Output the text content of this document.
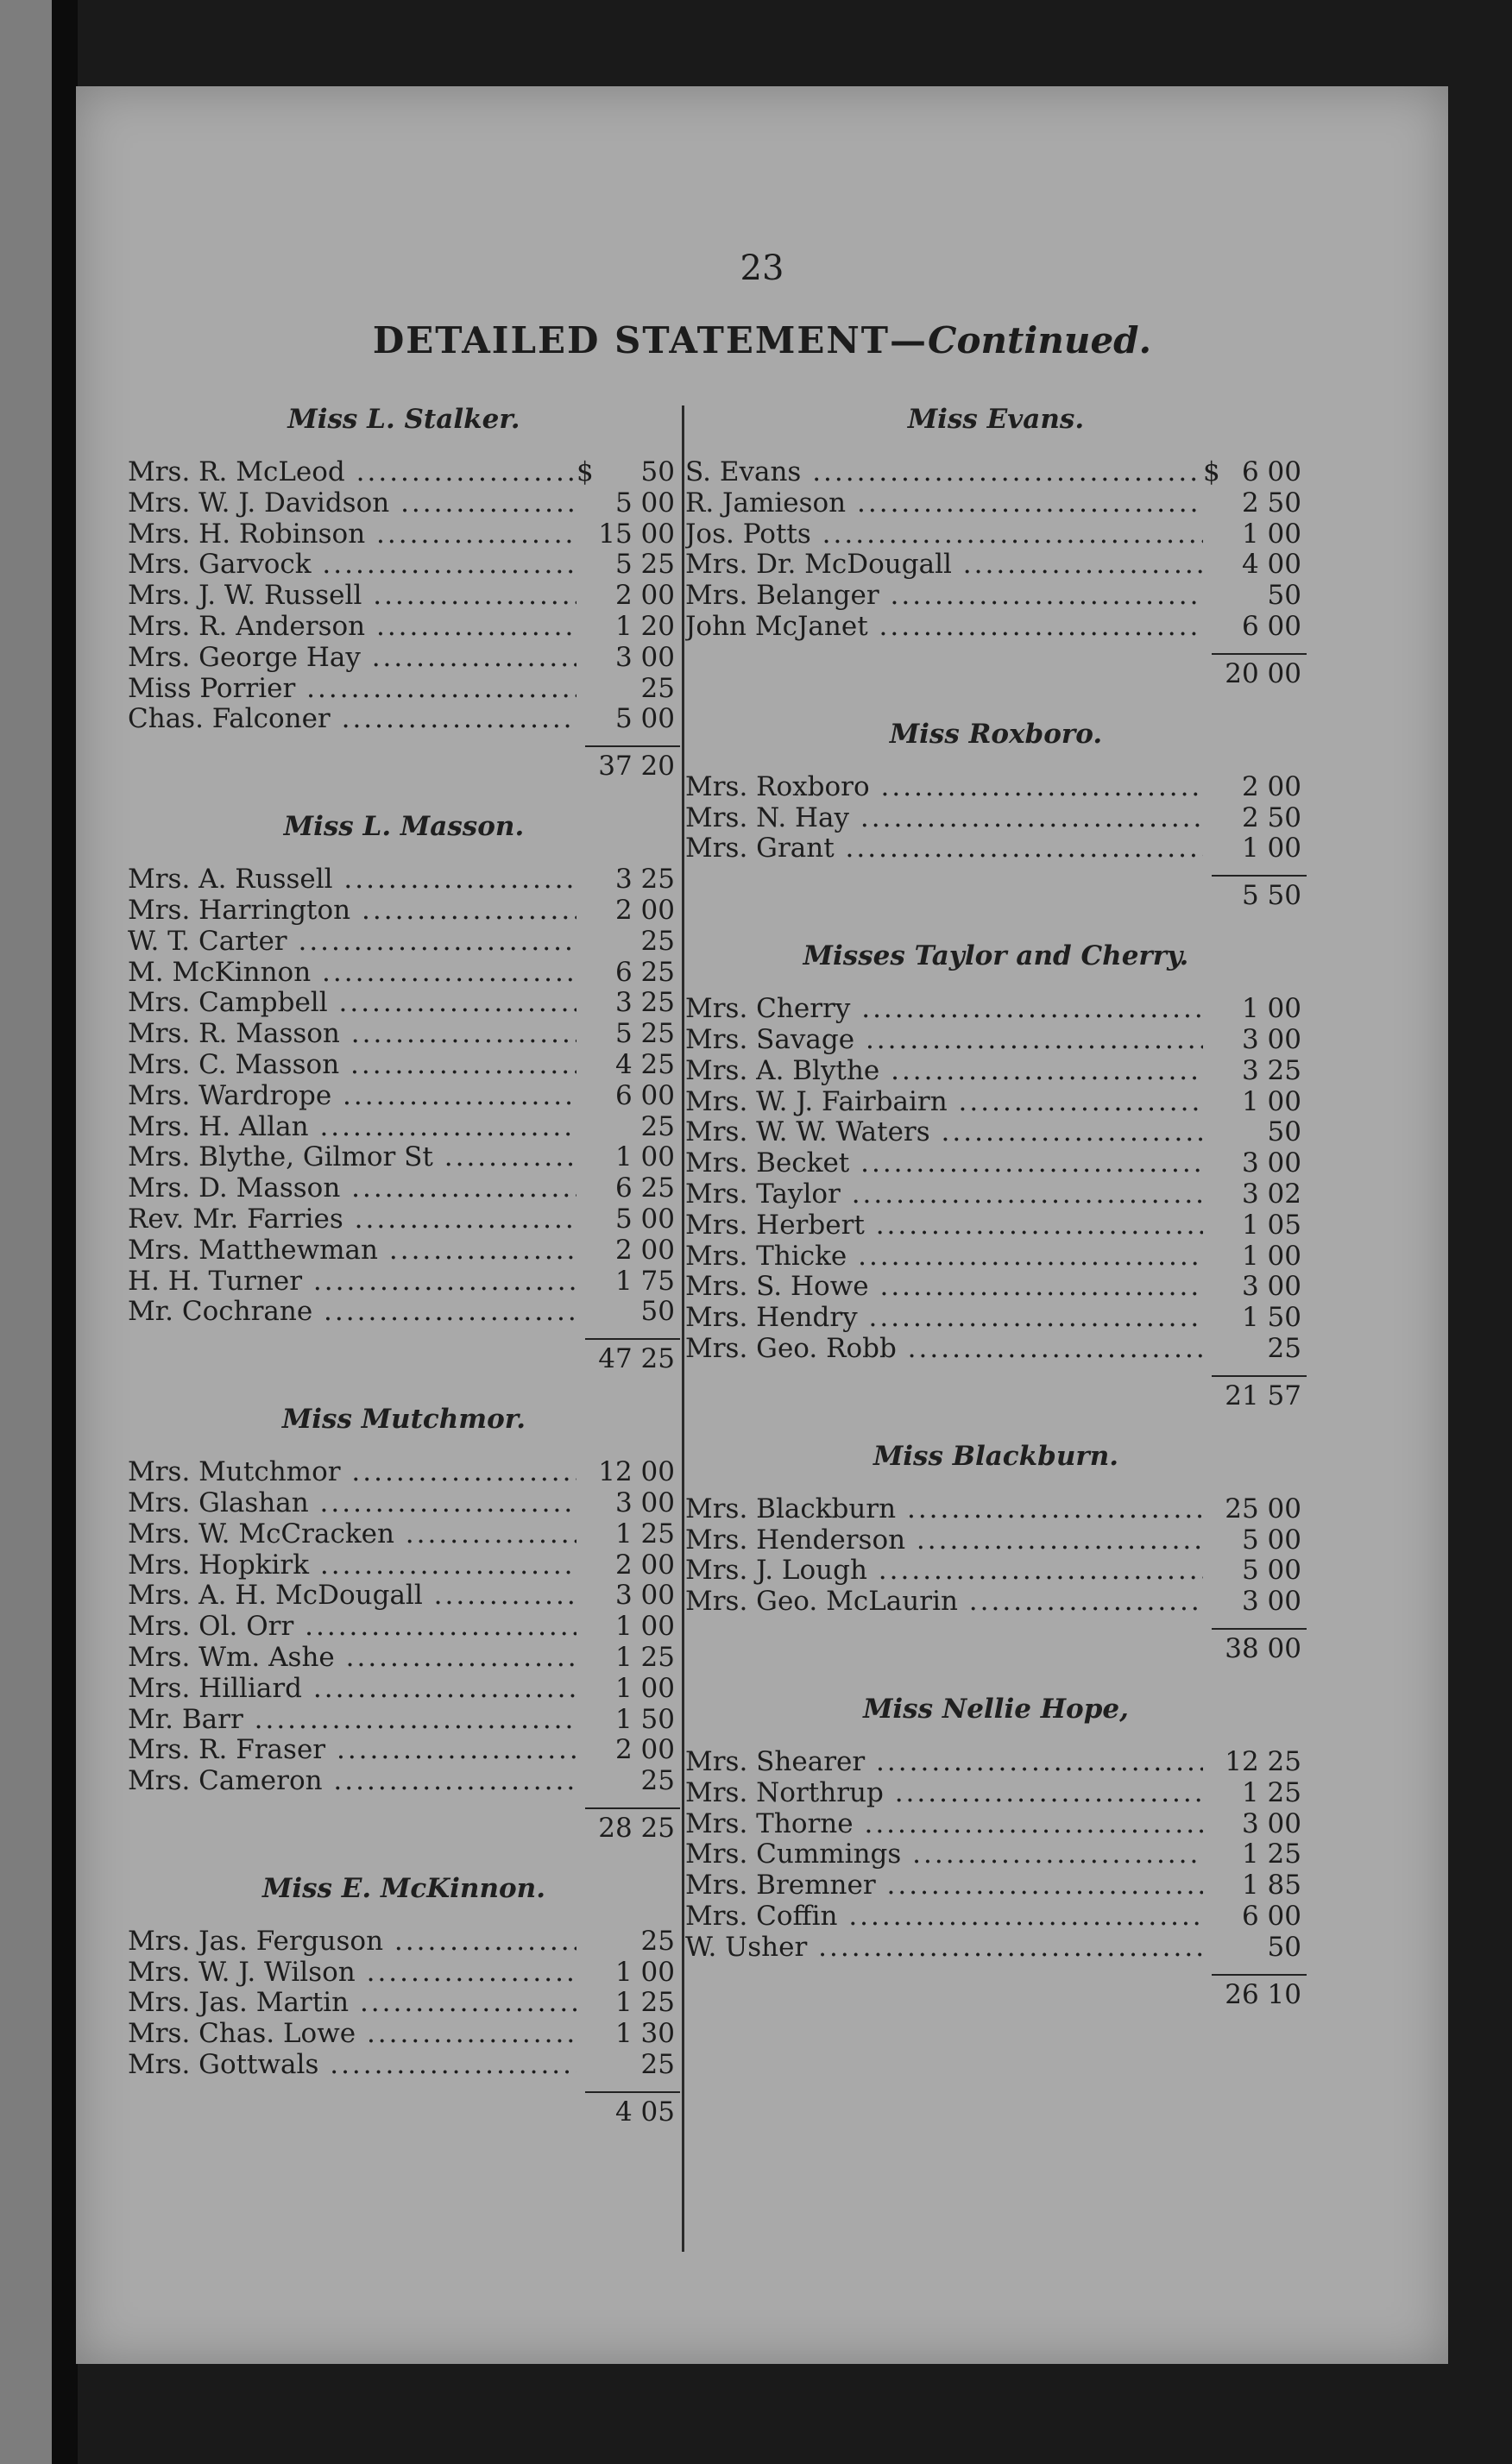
23
DETAILED STATEMENT—Continued.
Miss L. Stalker.
Mrs. R. McLeod .....	$	50
Mrs. W. J. Davidson .....	5 00
Mrs. H. Robinson .....	15 00
Mrs. Garvock .....	5 25
Mrs. J. W. Russell .....	2 00
Mrs. R. Anderson .....	1 20
Mrs. George Hay .....	3 00
Miss Porrier .....	25
Chas. Falconer .....	5 00
37 20
Miss L. Masson.
Mrs. A. Russell .....	3 25
Mrs. Harrington .....	2 00
W. T. Carter .....	25
M. McKinnon .....	6 25
Mrs. Campbell .....	3 25
Mrs. R. Masson .....	5 25
Mrs. C. Masson .....	4 25
Mrs. Wardrope .....	6 00
Mrs. H. Allan .....	25
Mrs. Blythe, Gilmor St .....	1 00
Mrs. D. Masson .....	6 25
Rev. Mr. Farries .....	5 00
Mrs. Matthewman .....	2 00
H. H. Turner .....	1 75
Mr. Cochrane .....	50
47 25
Miss Mutchmor.
Mrs. Mutchmor .....	12 00
Mrs. Glashan .....	3 00
Mrs. W. McCracken .....	1 25
Mrs. Hopkirk .....	2 00
Mrs. A. H. McDougall .....	3 00
Mrs. Ol. Orr .....	1 00
Mrs. Wm. Ashe .....	1 25
Mrs. Hilliard .....	1 00
Mr. Barr .....	1 50
Mrs. R. Fraser .....	2 00
Mrs. Cameron .....	25
28 25
Miss E. McKinnon.
Mrs. Jas. Ferguson .....	25
Mrs. W. J. Wilson .....	1 00
Mrs. Jas. Martin .....	1 25
Mrs. Chas. Lowe .....	1 30
Mrs. Gottwals .....	25
4 05
Miss Evans.
S. Evans .....	$ 6 00
R. Jamieson .....	2 50
Jos. Potts .....	1 00
Mrs. Dr. McDougall .....	4 00
Mrs. Belanger .....	50
John McJanet .....	6 00
20 00
Miss Roxboro.
Mrs. Roxboro .....	2 00
Mrs. N. Hay .....	2 50
Mrs. Grant .....	1 00
5 50
Misses Taylor and Cherry.
Mrs. Cherry .....	1 00
Mrs. Savage .....	3 00
Mrs. A. Blythe .....	3 25
Mrs. W. J. Fairbairn .....	1 00
Mrs. W. W. Waters .....	50
Mrs. Becket .....	3 00
Mrs. Taylor .....	3 02
Mrs. Herbert .....	1 05
Mrs. Thicke .....	1 00
Mrs. S. Howe .....	3 00
Mrs. Hendry .....	1 50
Mrs. Geo. Robb .....	25
21 57
Miss Blackburn.
Mrs. Blackburn .....	25 00
Mrs. Henderson .....	5 00
Mrs. J. Lough .....	5 00
Mrs. Geo. McLaurin .....	3 00
38 00
Miss Nellie Hope,
Mrs. Shearer .....	12 25
Mrs. Northrup .....	1 25
Mrs. Thorne .....	3 00
Mrs. Cummings .....	1 25
Mrs. Bremner .....	1 85
Mrs. Coffin .....	6 00
W. Usher .....	50
26 10
